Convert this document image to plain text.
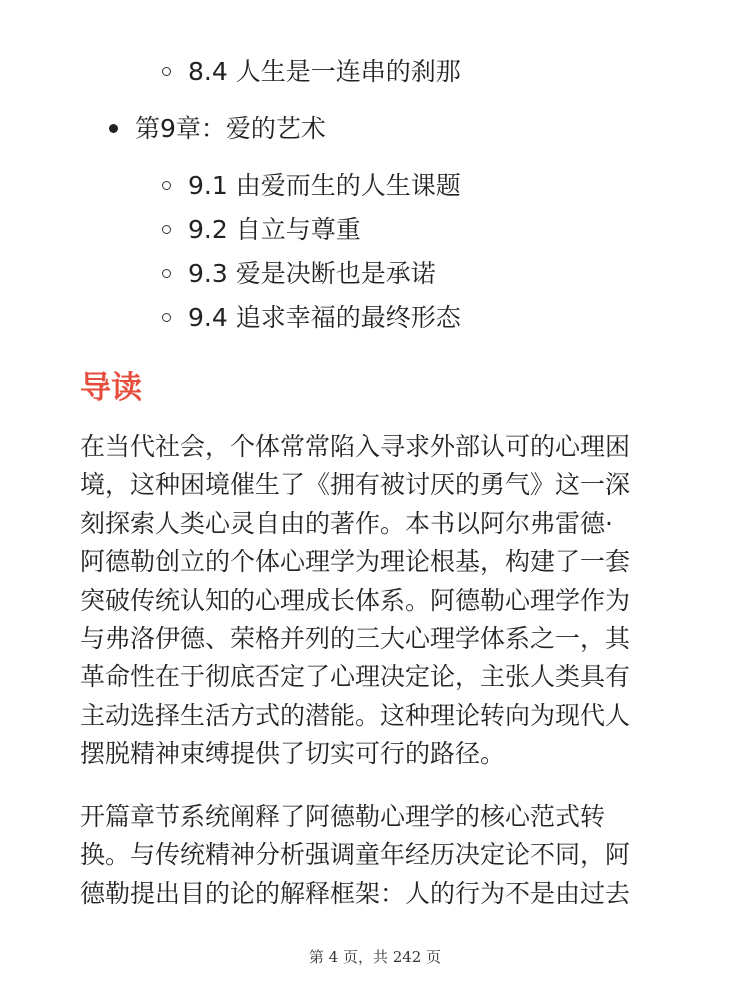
8.4 人生是一连串的刹那
第9章：爱的艺术
9.1 由爱而生的人生课题
9.2 自立与尊重
9.3 爱是决断也是承诺
9.4 追求幸福的最终形态
导读
在当代社会，个体常常陷入寻求外部认可的心理困
境，这种困境催生了《拥有被讨厌的勇气》这一深
刻探索人类心灵自由的著作。本书以阿尔弗雷德·
阿德勒创立的个体心理学为理论根基，构建了一套
突破传统认知的心理成长体系。阿德勒心理学作为
与弗洛伊德、荣格并列的三大心理学体系之一，其
革命性在于彻底否定了心理决定论，主张人类具有
主动选择生活方式的潜能。这种理论转向为现代人
摆脱精神束缚提供了切实可行的路径。
开篇章节系统阐释了阿德勒心理学的核心范式转
换。与传统精神分析强调童年经历决定论不同，阿
德勒提出目的论的解释框架：人的行为不是由过去
第 4 页，共 242 页
